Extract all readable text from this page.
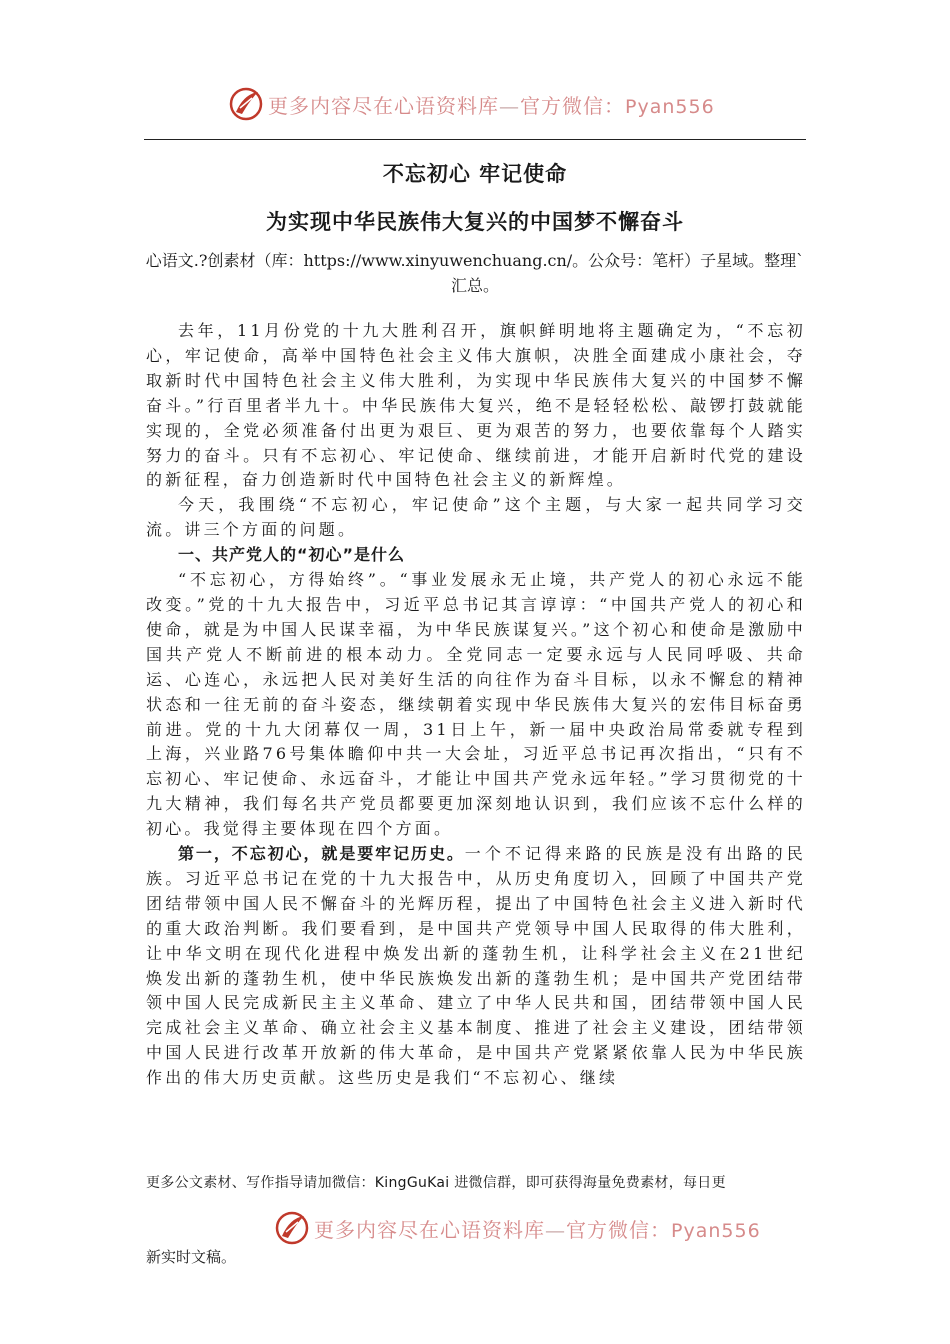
更多内容尽在心语资料库—官方微信：Pyan556
不忘初心 牢记使命
为实现中华民族伟大复兴的中国梦不懈奋斗
心语文.?创素材（库：https://www.xinyuwenchuang.cn/。公众号：笔杆）子星域。整理`汇总。

去年，11月份党的十九大胜利召开，旗帜鲜明地将主题确定为，“不忘初心，牢记使命，高举中国特色社会主义伟大旗帜，决胜全面建成小康社会，夺取新时代中国特色社会主义伟大胜利，为实现中华民族伟大复兴的中国梦不懈奋斗。”行百里者半九十。中华民族伟大复兴，绝不是轻轻松松、敲锣打鼓就能实现的，全党必须准备付出更为艰巨、更为艰苦的努力，也要依靠每个人踏实努力的奋斗。只有不忘初心、牢记使命、继续前进，才能开启新时代党的建设的新征程，奋力创造新时代中国特色社会主义的新辉煌。

今天，我围绕“不忘初心，牢记使命”这个主题，与大家一起共同学习交流。讲三个方面的问题。

一、共产党人的“初心”是什么

“不忘初心，方得始终”。“事业发展永无止境，共产党人的初心永远不能改变。”党的十九大报告中，习近平总书记其言谆谆：“中国共产党人的初心和使命，就是为中国人民谋幸福，为中华民族谋复兴。”这个初心和使命是激励中国共产党人不断前进的根本动力。全党同志一定要永远与人民同呼吸、共命运、心连心，永远把人民对美好生活的向往作为奋斗目标，以永不懈怠的精神状态和一往无前的奋斗姿态，继续朝着实现中华民族伟大复兴的宏伟目标奋勇前进。党的十九大闭幕仅一周，31日上午，新一届中央政治局常委就专程到上海，兴业路76号集体瞻仰中共一大会址，习近平总书记再次指出，“只有不忘初心、牢记使命、永远奋斗，才能让中国共产党永远年轻。”学习贯彻党的十九大精神，我们每名共产党员都要更加深刻地认识到，我们应该不忘什么样的初心。我觉得主要体现在四个方面。

第一，不忘初心，就是要牢记历史。一个不记得来路的民族是没有出路的民族。习近平总书记在党的十九大报告中，从历史角度切入，回顾了中国共产党团结带领中国人民不懈奋斗的光辉历程，提出了中国特色社会主义进入新时代的重大政治判断。我们要看到，是中国共产党领导中国人民取得的伟大胜利，让中华文明在现代化进程中焕发出新的蓬勃生机，让科学社会主义在21世纪焕发出新的蓬勃生机，使中华民族焕发出新的蓬勃生机；是中国共产党团结带领中国人民完成新民主主义革命、建立了中华人民共和国，团结带领中国人民完成社会主义革命、确立社会主义基本制度、推进了社会主义建设，团结带领中国人民进行改革开放新的伟大革命，是中国共产党紧紧依靠人民为中华民族作出的伟大历史贡献。这些历史是我们“不忘初心、继续

更多公文素材、写作指导请加微信：KingGuKai 进微信群，即可获得海量免费素材，每日更
更多内容尽在心语资料库—官方微信：Pyan556
新实时文稿。
